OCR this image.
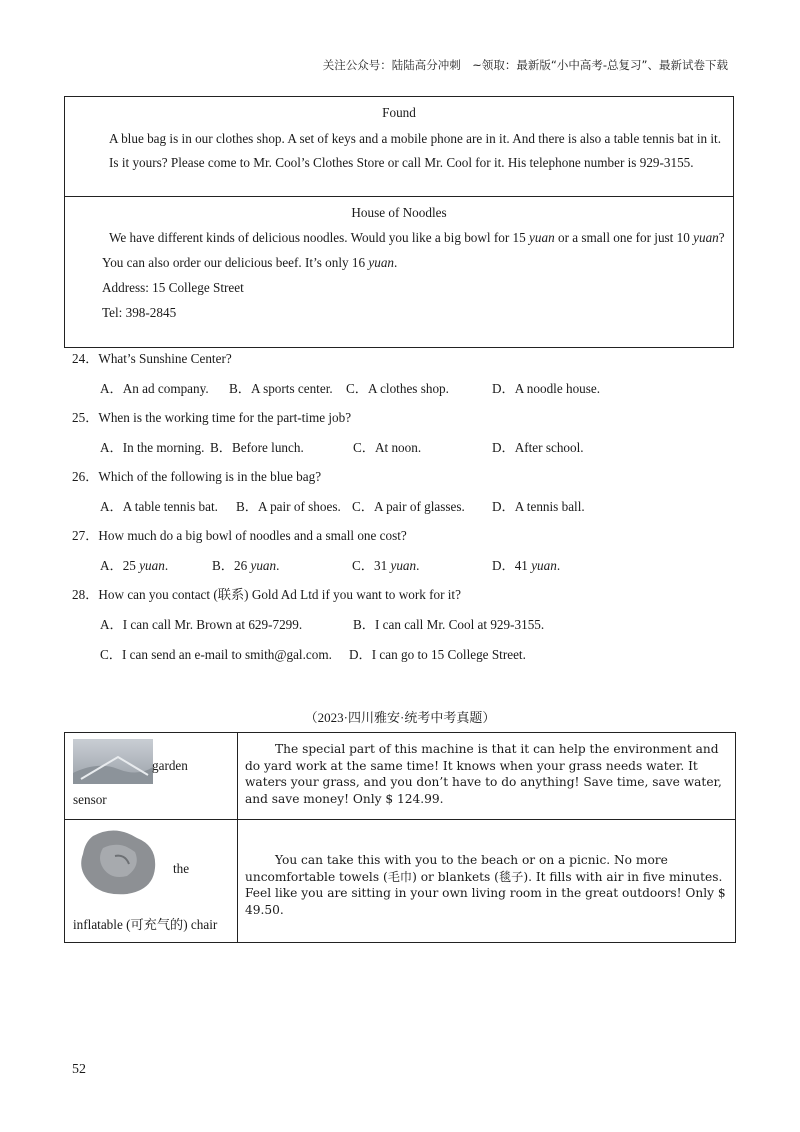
关注公众号：陆陆高分冲刺　~领取：最新版“小中高考-总复习”、最新试卷下载
Found

A blue bag is in our clothes shop. A set of keys and a mobile phone are in it. And there is also a table tennis bat in it.

Is it yours? Please come to Mr. Cool’s Clothes Store or call Mr. Cool for it. His telephone number is 929-3155.

House of Noodles

We have different kinds of delicious noodles. Would you like a big bowl for 15 yuan or a small one for just 10 yuan?

You can also order our delicious beef. It’s only 16 yuan.

Address: 15 College Street

Tel: 398-2845

24．What’s Sunshine Center?
A．An ad company. B．A sports center. C．A clothes shop.	D．A noodle house.
25．When is the working time for the part-time job?
A．In the morning. B．Before lunch.	C．At noon.	D．After school.
26．Which of the following is in the blue bag?
A．A table tennis bat. B．A pair of shoes. C．A pair of glasses. D．A tennis ball.
27．How much do a big bowl of noodles and a small one cost?
A．25 yuan.	B．26 yuan.	C．31 yuan.	D．41 yuan.
28．How can you contact (联系) Gold Ad Ltd if you want to work for it?
A．I can call Mr. Brown at 629-7299.	B．I can call Mr. Cool at 929-3155.
C．I can send an e-mail to smith@gal.com. D．I can go to 15 College Street.
（2023·四川雅安·统考中考真题）
garden
sensor	The special part of this machine is that it can help the environment and do yard work at the same time! It knows when your grass needs water. It waters your grass, and you don’t have to do anything! Save time, save water, and save money! Only $ 124.99.

the
inflatable (可充气的) chair	You can take this with you to the beach or on a picnic. No more uncomfortable towels (毛巾) or blankets (毯子). It fills with air in five minutes. Feel like you are sitting in your own living room in the great outdoors! Only $ 49.50.
52
